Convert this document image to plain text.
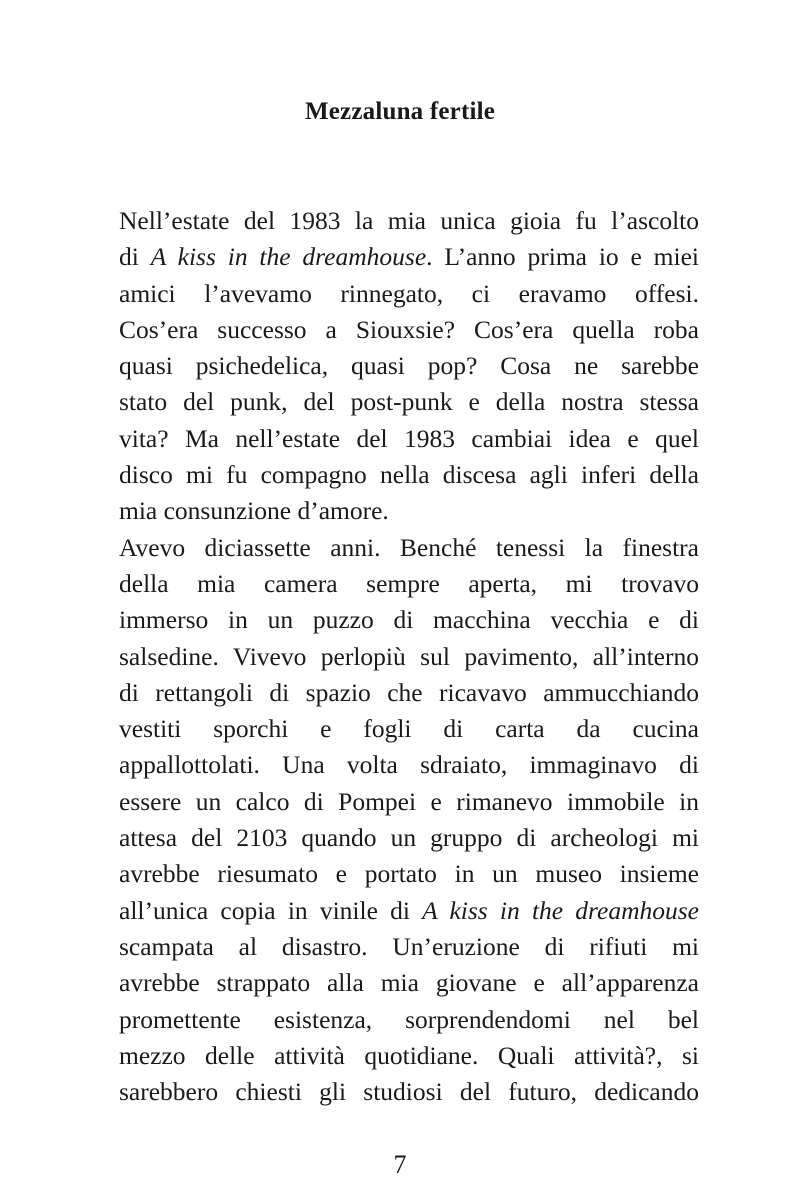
Mezzaluna fertile
Nell’estate del 1983 la mia unica gioia fu l’ascolto
di A kiss in the dreamhouse. L’anno prima io e miei
amici l’avevamo rinnegato, ci eravamo offesi.
Cos’era successo a Siouxsie? Cos’era quella roba
quasi psichedelica, quasi pop? Cosa ne sarebbe
stato del punk, del post-punk e della nostra stessa
vita? Ma nell’estate del 1983 cambiai idea e quel
disco mi fu compagno nella discesa agli inferi della
mia consunzione d’amore.
Avevo diciassette anni. Benché tenessi la finestra
della mia camera sempre aperta, mi trovavo
immerso in un puzzo di macchina vecchia e di
salsedine. Vivevo perlopiù sul pavimento, all’interno
di rettangoli di spazio che ricavavo ammucchiando
vestiti sporchi e fogli di carta da cucina
appallottolati. Una volta sdraiato, immaginavo di
essere un calco di Pompei e rimanevo immobile in
attesa del 2103 quando un gruppo di archeologi mi
avrebbe riesumato e portato in un museo insieme
all’unica copia in vinile di A kiss in the dreamhouse
scampata al disastro. Un’eruzione di rifiuti mi
avrebbe strappato alla mia giovane e all’apparenza
promettente esistenza, sorprendendomi nel bel
mezzo delle attività quotidiane. Quali attività?, si
sarebbero chiesti gli studiosi del futuro, dedicando
7
